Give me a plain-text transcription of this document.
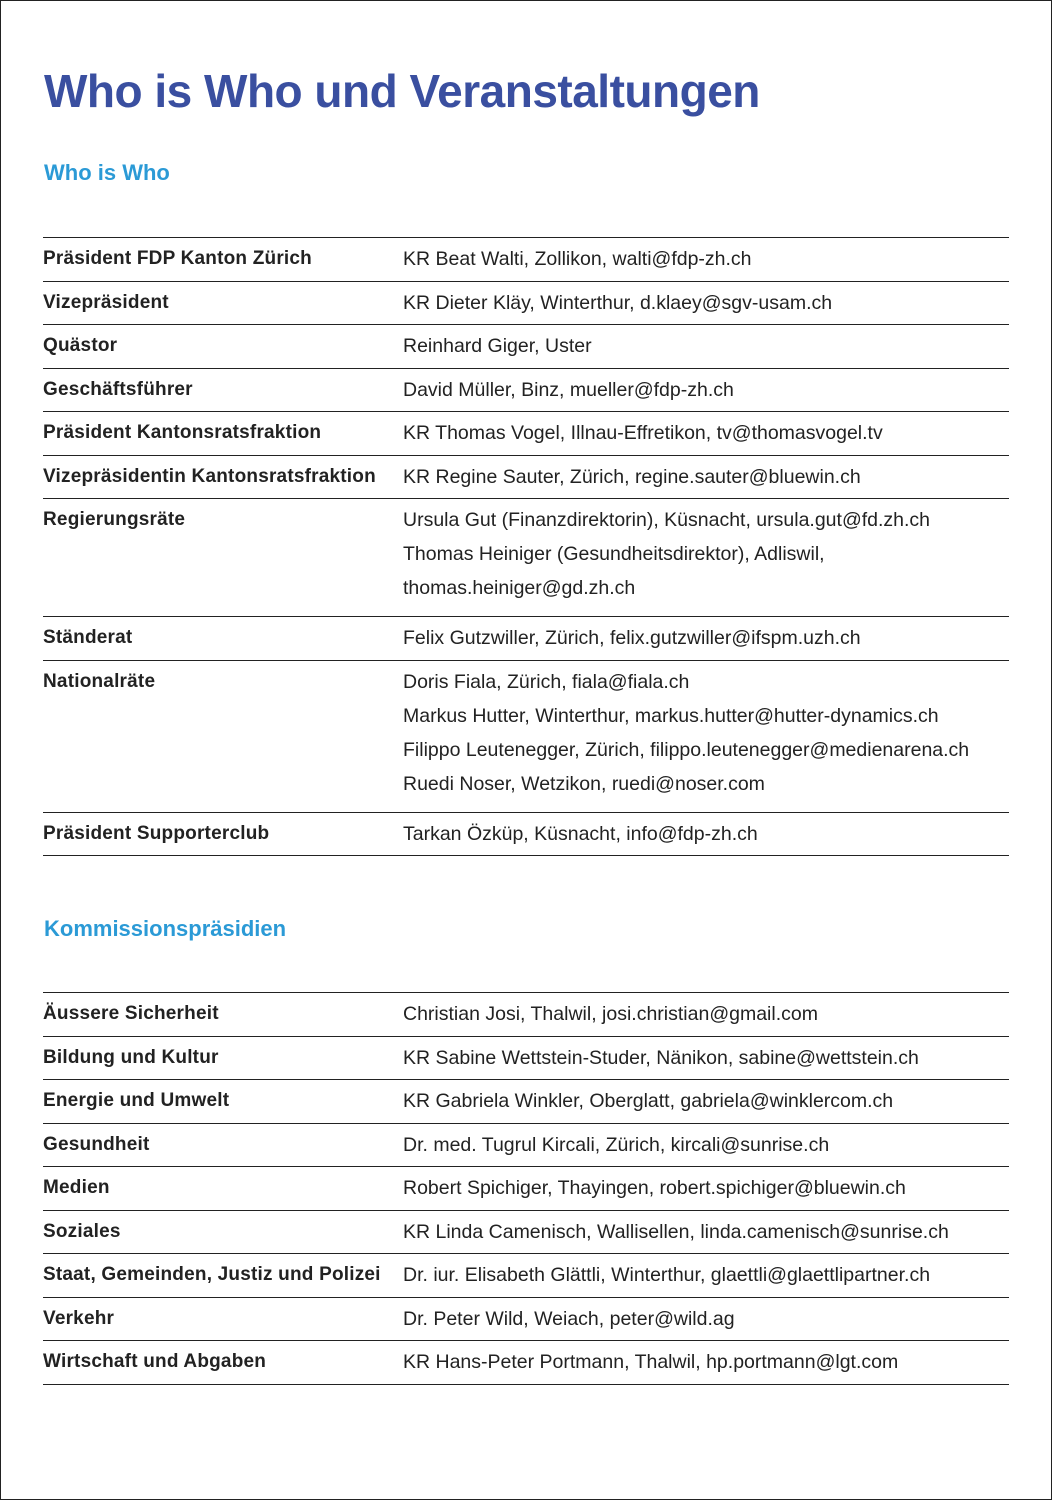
Who is Who und Veranstaltungen
Who is Who
Präsident FDP Kanton Zürich	KR Beat Walti, Zollikon, walti@fdp-zh.ch
Vizepräsident	KR Dieter Kläy, Winterthur, d.klaey@sgv-usam.ch
Quästor	Reinhard Giger, Uster
Geschäftsführer	David Müller, Binz, mueller@fdp-zh.ch
Präsident Kantonsratsfraktion	KR Thomas Vogel, Illnau-Effretikon, tv@thomasvogel.tv
Vizepräsidentin Kantonsratsfraktion	KR Regine Sauter, Zürich, regine.sauter@bluewin.ch
Regierungsräte	Ursula Gut (Finanzdirektorin), Küsnacht, ursula.gut@fd.zh.ch
Thomas Heiniger (Gesundheitsdirektor), Adliswil,
thomas.heiniger@gd.zh.ch
Ständerat	Felix Gutzwiller, Zürich, felix.gutzwiller@ifspm.uzh.ch
Nationalräte	Doris Fiala, Zürich, fiala@fiala.ch
Markus Hutter, Winterthur, markus.hutter@hutter-dynamics.ch
Filippo Leutenegger, Zürich, filippo.leutenegger@medienarena.ch
Ruedi Noser, Wetzikon, ruedi@noser.com
Präsident Supporterclub	Tarkan Özküp, Küsnacht, info@fdp-zh.ch
Kommissionspräsidien
Äussere Sicherheit	Christian Josi, Thalwil, josi.christian@gmail.com
Bildung und Kultur	KR Sabine Wettstein-Studer, Nänikon, sabine@wettstein.ch
Energie und Umwelt	KR Gabriela Winkler, Oberglatt, gabriela@winklercom.ch
Gesundheit	Dr. med. Tugrul Kircali, Zürich, kircali@sunrise.ch
Medien	Robert Spichiger, Thayingen, robert.spichiger@bluewin.ch
Soziales	KR Linda Camenisch, Wallisellen, linda.camenisch@sunrise.ch
Staat, Gemeinden, Justiz und Polizei	Dr. iur. Elisabeth Glättli, Winterthur, glaettli@glaettlipartner.ch
Verkehr	Dr. Peter Wild, Weiach, peter@wild.ag
Wirtschaft und Abgaben	KR Hans-Peter Portmann, Thalwil, hp.portmann@lgt.com
